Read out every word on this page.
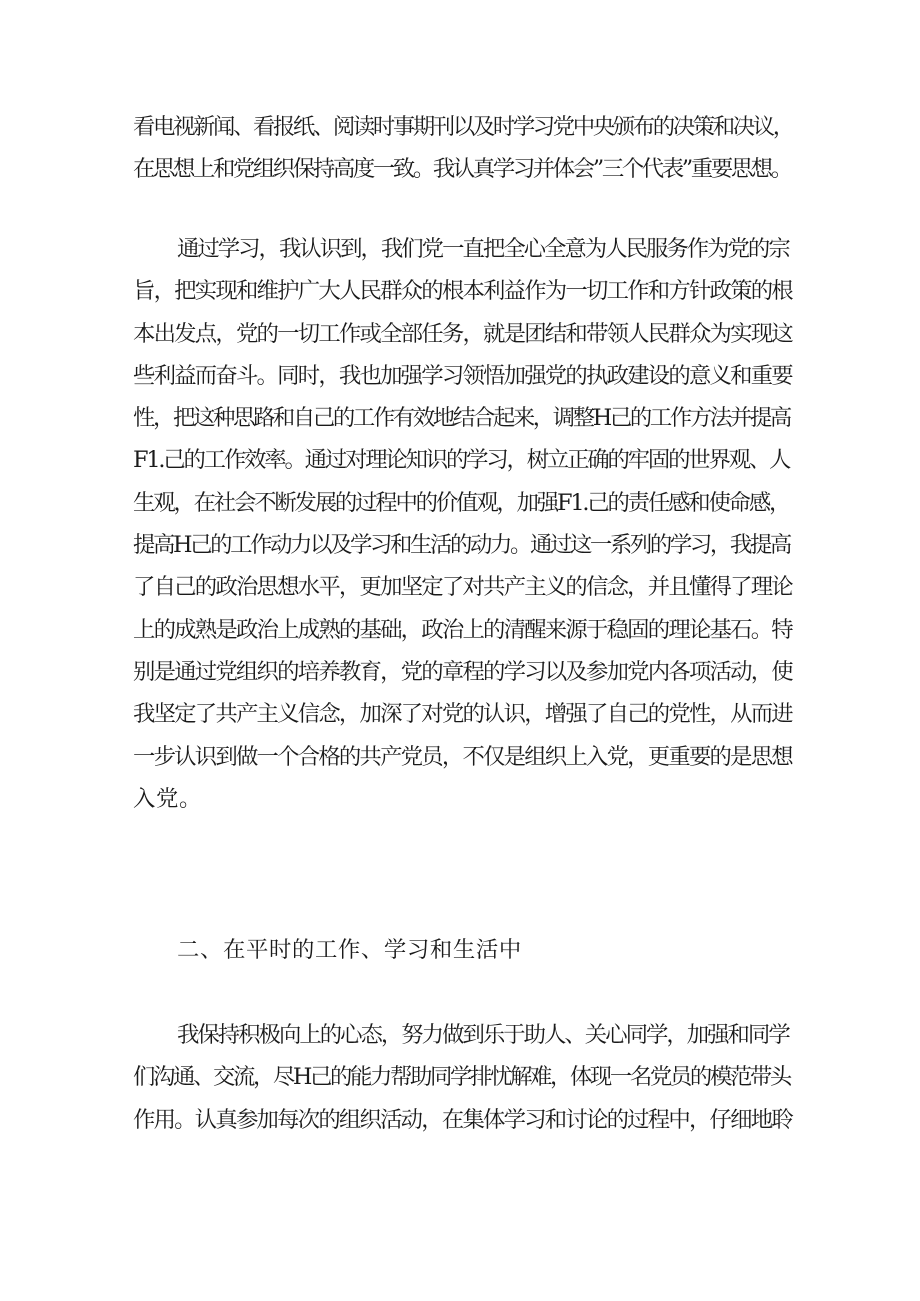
看电视新闻、看报纸、阅读时事期刊以及时学习党中央颁布的决策和决议，
在思想上和党组织保持高度一致。我认真学习并体会”三个代表”重要思想。
通过学习，我认识到，我们党一直把全心全意为人民服务作为党的宗
旨，把实现和维护广大人民群众的根本利益作为一切工作和方针政策的根
本出发点，党的一切工作或全部任务，就是团结和带领人民群众为实现这
些利益而奋斗。同时，我也加强学习领悟加强党的执政建设的意义和重要
性，把这种思路和自己的工作有效地结合起来，调整H己的工作方法并提高
F1.己的工作效率。通过对理论知识的学习，树立正确的牢固的世界观、人
生观，在社会不断发展的过程中的价值观，加强F1.己的责任感和使命感，
提高H己的工作动力以及学习和生活的动力。通过这一系列的学习，我提高
了自己的政治思想水平，更加坚定了对共产主义的信念，并且懂得了理论
上的成熟是政治上成熟的基础，政治上的清醒来源于稳固的理论基石。特
别是通过党组织的培养教育，党的章程的学习以及参加党内各项活动，使
我坚定了共产主义信念，加深了对党的认识，增强了自己的党性，从而进
一步认识到做一个合格的共产党员，不仅是组织上入党，更重要的是思想
入党。
二、在平时的工作、学习和生活中
我保持积极向上的心态，努力做到乐于助人、关心同学，加强和同学
们沟通、交流，尽H己的能力帮助同学排忧解难，体现一名党员的模范带头
作用。认真参加每次的组织活动，在集体学习和讨论的过程中，仔细地聆
